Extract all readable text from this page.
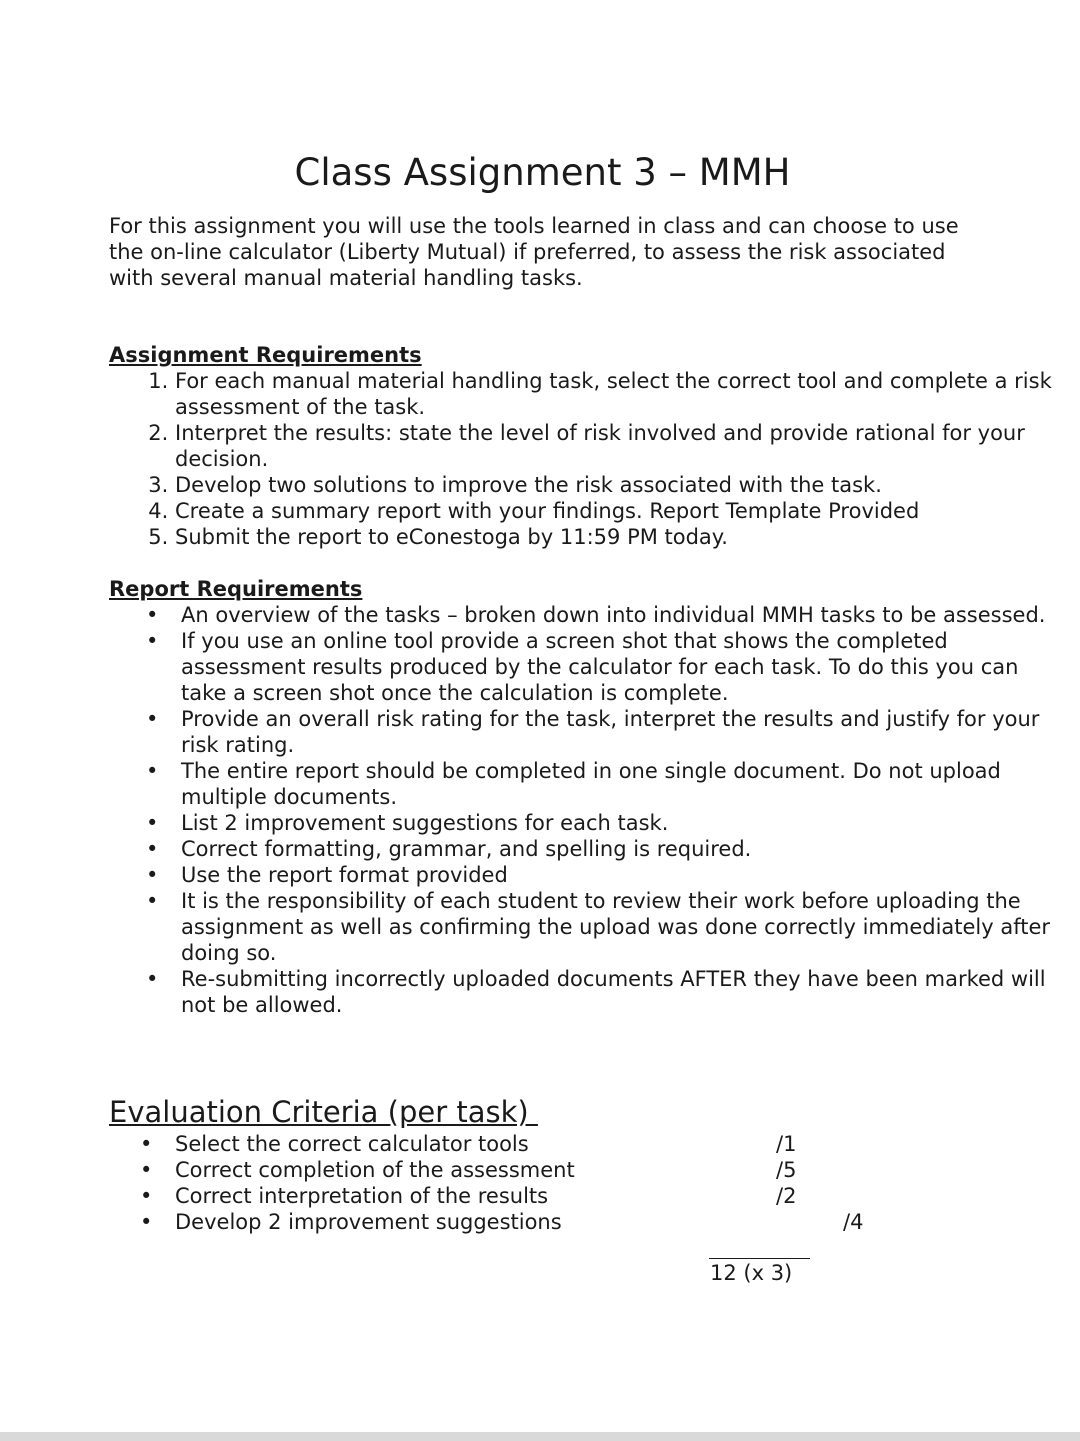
Class Assignment 3 – MMH

For this assignment you will use the tools learned in class and can choose to use the on-line calculator (Liberty Mutual) if preferred, to assess the risk associated with several manual material handling tasks.

Assignment Requirements
1. For each manual material handling task, select the correct tool and complete a risk assessment of the task.
2. Interpret the results: state the level of risk involved and provide rational for your decision.
3. Develop two solutions to improve the risk associated with the task.
4. Create a summary report with your findings. Report Template Provided
5. Submit the report to eConestoga by 11:59 PM today.
Report Requirements
• An overview of the tasks – broken down into individual MMH tasks to be assessed.
• If you use an online tool provide a screen shot that shows the completed assessment results produced by the calculator for each task. To do this you can take a screen shot once the calculation is complete.
• Provide an overall risk rating for the task, interpret the results and justify for your risk rating.
• The entire report should be completed in one single document. Do not upload multiple documents.
• List 2 improvement suggestions for each task.
• Correct formatting, grammar, and spelling is required.
• Use the report format provided
• It is the responsibility of each student to review their work before uploading the assignment as well as confirming the upload was done correctly immediately after doing so.
• Re-submitting incorrectly uploaded documents AFTER they have been marked will not be allowed.
Evaluation Criteria (per task)
• Select the correct calculator tools	/1
• Correct completion of the assessment	/5
• Correct interpretation of the results	/2
• Develop 2 improvement suggestions	/4
12 (x 3)
